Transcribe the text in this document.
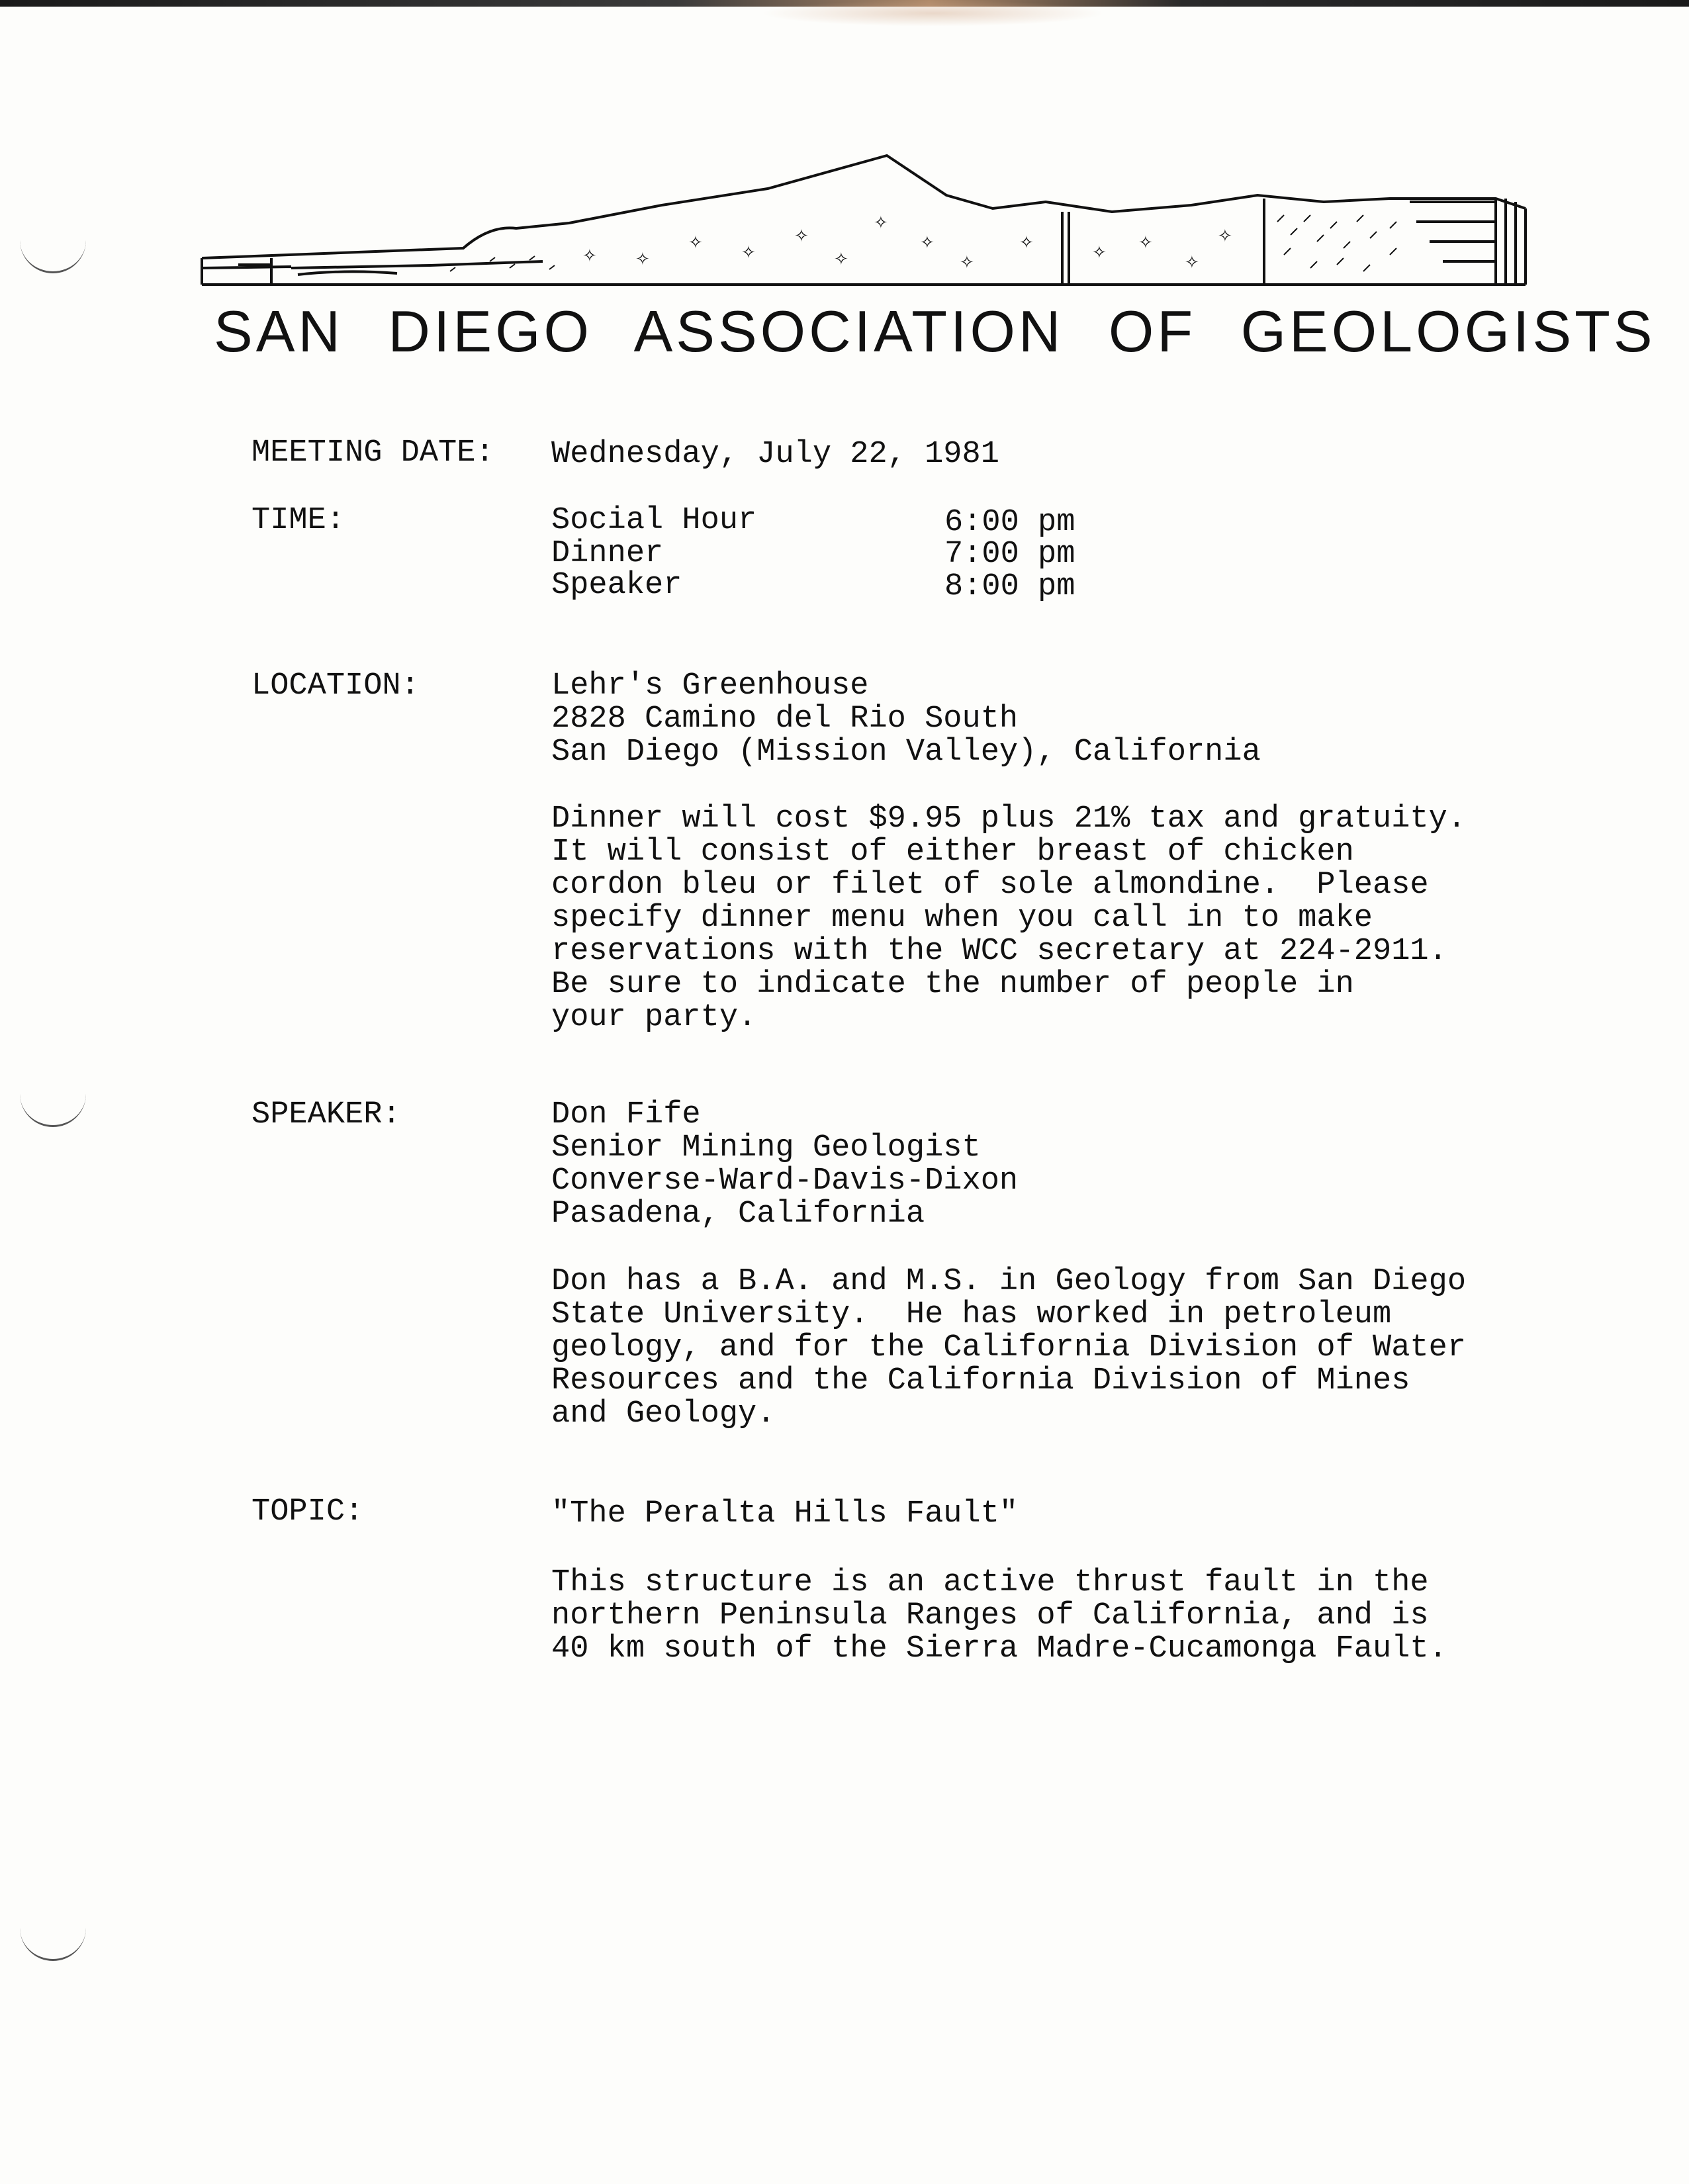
✧ ✧
✧ ✧
✧
✧
✧
✧
✧
✧	✧ ✧
✧
✧
SAN DIEGO ASSOCIATION OF GEOLOGISTS
MEETING DATE: Wednesday, July 22, 1981
TIME:	Social Hour	6:00 pm
Dinner	7:00 pm
Speaker	8:00 pm
LOCATION:	Lehr's Greenhouse
2828 Camino del Rio South
San Diego (Mission Valley), California
Dinner will cost $9.95 plus 21% tax and gratuity.
It will consist of either breast of chicken
cordon bleu or filet of sole almondine.  Please
specify dinner menu when you call in to make
reservations with the WCC secretary at 224-2911.
Be sure to indicate the number of people in
your party.
SPEAKER:	Don Fife
Senior Mining Geologist
Converse-Ward-Davis-Dixon
Pasadena, California
Don has a B.A. and M.S. in Geology from San Diego
State University.  He has worked in petroleum
geology, and for the California Division of Water
Resources and the California Division of Mines
and Geology.
TOPIC:	"The Peralta Hills Fault"
This structure is an active thrust fault in the
northern Peninsula Ranges of California, and is
40 km south of the Sierra Madre-Cucamonga Fault.
